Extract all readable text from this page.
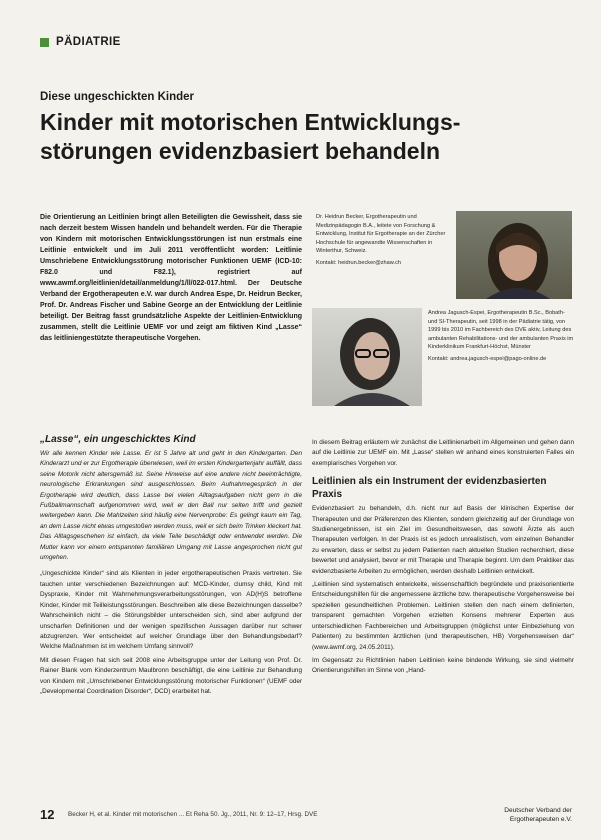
PÄDIATRIE
Diese ungeschickten Kinder
Kinder mit motorischen Entwicklungs-
störungen evidenzbasiert behandeln

Die Orientierung an Leitlinien bringt allen Beteiligten die Gewissheit, dass sie nach derzeit bestem Wissen handeln und behandelt werden. Für die Therapie von Kindern mit motorischen Entwicklungsstörungen ist nun erstmals eine Leitlinie entwickelt und im Juli 2011 veröffentlicht worden: Leitlinie Umschriebene Entwicklungsstörung motorischer Funktionen UEMF (ICD-10: F82.0 und F82.1), registriert auf www.awmf.org/leitlinien/detail/anmeldung/1/ll/022-017.html. Der Deutsche Verband der Ergotherapeuten e.V. war durch Andrea Espe, Dr. Heidrun Becker, Prof. Dr. Andreas Fischer und Sabine George an der Entwicklung der Leitlinie beteiligt. Der Beitrag fasst grundsätzliche Aspekte der Leitlinien-Entwicklung zusammen, stellt die Leitlinie UEMF vor und zeigt am fiktiven Kind „Lasse“ das leitliniengestützte therapeutische Vorgehen.

Dr. Heidrun Becker, Ergotherapeutin und Medizinpädagogin B.A., leitete von Forschung & Entwicklung, Institut für Ergotherapie an der Zürcher Hochschule für angewandte Wissenschaften in Winterthur, Schweiz.
Kontakt: heidrun.becker@zhaw.ch

Andrea Jagusch-Espei, Ergotherapeutin B.Sc., Bobath- und SI-Therapeutin, seit 1998 in der Pädiatrie tätig, von 1999 bis 2010 im Fachbereich des DVE aktiv, Leitung des ambulanten Rehabilitations- und der ambulanten Praxis im Kinderklinikum Frankfurt-Höchst, Münster
Kontakt: andrea.jagusch-espei@pago-online.de

„Lasse“, ein ungeschicktes Kind

Wir alle kennen Kinder wie Lasse. Er ist 5 Jahre alt und geht in den Kindergarten. Den Kinderarzt und er zur Ergotherapie überwiesen, weil im ersten Kindergartenjahr auffällt, dass seine Motorik nicht altersgemäß ist. Seine Hinweise auf eine andere nicht beeinträchtigte, neurologische Erkrankungen sind ausgeschlossen. Beim Aufnahmegespräch in der Ergotherapie wird deutlich, dass Lasse bei vielen Alltagsaufgaben nicht gern in die Fußballmannschaft aufgenommen wird, weil er den Ball nur selten trifft und gezielt weitergeben kann. Die Mahlzeiten sind häufig eine Nervenprobe: Es gelingt kaum ein Tag, an dem Lasse nicht etwas umgestoßen werden muss, weil er sich beim Trinken kleckert hat. Das Alltagsgeschehen ist einfach, da viele Teile beschädigt oder entwendet werden. Die Mutter kann vor einem entspannten familiären Umgang mit Lasse angesprochen nicht gut umgehen.

„Ungeschickte Kinder“ sind als Klienten in jeder ergotherapeutischen Praxis vertreten. Sie tauchen unter verschiedenen Bezeichnungen auf: MCD-Kinder, clumsy child, Kind mit Dyspraxie, Kinder mit Wahrnehmungsverarbeitungsstörungen, von AD(H)S betroffene Kinder, Kinder mit Teilleistungsstörungen. Beschreiben alle diese Bezeichnungen dasselbe? Wahrscheinlich nicht – die Störungsbilder unterscheiden sich, sind aber aufgrund der unscharfen Definitionen und der wenigen spezifischen Aussagen darüber nur schwer abzugrenzen. Wer entscheidet auf welcher Grundlage über den Behandlungsbedarf? Welche Maßnahmen ist im welchem Umfang sinnvoll?

Mit diesen Fragen hat sich seit 2008 eine Arbeitsgruppe unter der Leitung von Prof. Dr. Rainer Blank vom Kinderzentrum Maulbronn beschäftigt, die eine Leitlinie zur Behandlung von Kindern mit „Umschriebener Entwicklungsstörung motorischer Funktionen“ (UEMF oder „Developmental Coordination Disorder“, DCD) erarbeitet hat.

In diesem Beitrag erläutern wir zunächst die Leitlinienarbeit im Allgemeinen und gehen dann auf die Leitlinie zur UEMF ein. Mit „Lasse“ stellen wir anhand eines konstruierten Falles ein exemplarisches Vorgehen vor.

Leitlinien als ein Instrument der evidenzbasierten Praxis

Evidenzbasiert zu behandeln, d.h. nicht nur auf Basis der klinischen Expertise der Therapeuten und der Präferenzen des Klienten, sondern gleichzeitig auf der Grundlage von Studienergebnissen, ist ein Ziel im Gesundheitswesen, das sowohl Ärzte als auch Therapeuten verfolgen. In der Praxis ist es jedoch unrealistisch, vom einzelnen Behandler zu erwarten, dass er selbst zu jedem Patienten nach aktuellen Studien recherchiert, diese bewertet und analysiert, bevor er mit Therapie und Therapie beginnt. Um dem Praktiker das evidenzbasierte Arbeiten zu ermöglichen, werden deshalb Leitlinien entwickelt.

„Leitlinien sind systematisch entwickelte, wissenschaftlich begründete und praxisorientierte Entscheidungshilfen für die angemessene ärztliche bzw. therapeutische Vorgehensweise bei speziellen gesundheitlichen Problemen. Leitlinien stellen den nach einem definierten, transparent gemachten Vorgehen erzielten Konsens mehrerer Experten aus unterschiedlichen Fachbereichen und Arbeitsgruppen (möglichst unter Einbeziehung von Patienten) zu bestimmten ärztlichen (und therapeutischen, HB) Vorgehensweisen dar“ (www.awmf.org, 24.05.2011).

Im Gegensatz zu Richtlinien haben Leitlinien keine bindende Wirkung, sie sind vielmehr Orientierungshilfen im Sinne von „Hand-

12 Becker H, et al. Kinder mit motorischen ... Et Reha 50. Jg., 2011, Nr. 9: 12–17, Hrsg. DVE
Deutscher Verband der
Ergotherapeuten e.V.
